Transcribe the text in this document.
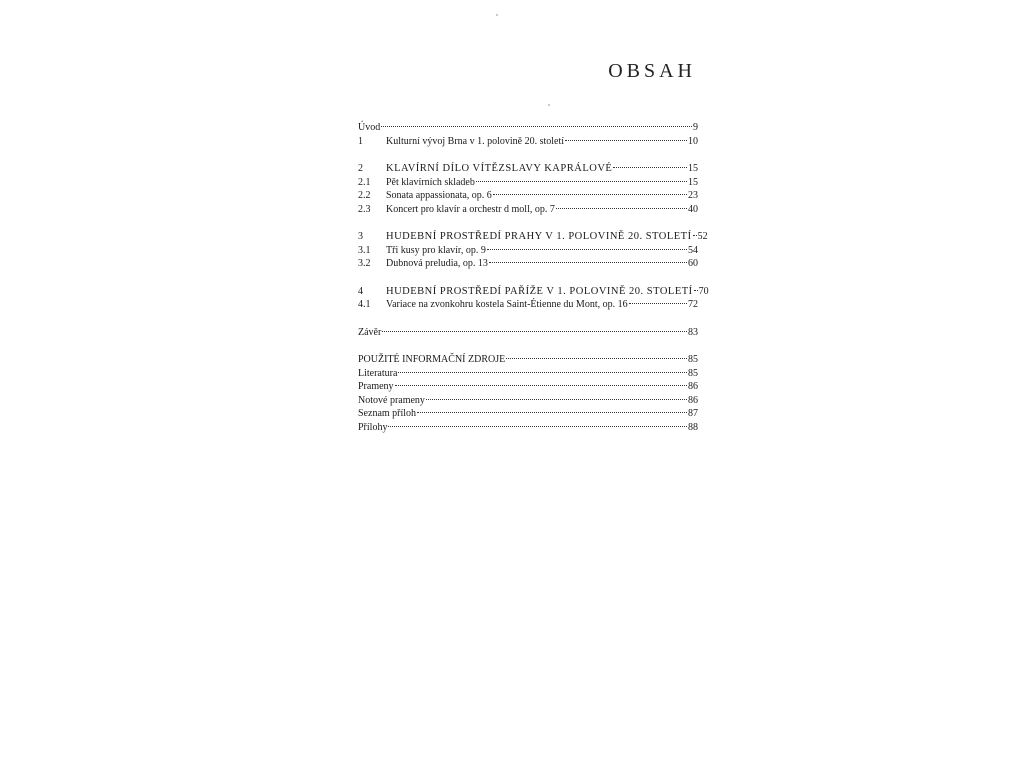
OBSAH
Úvod	9
1	Kulturní vývoj Brna v 1. polovině 20. století	10
2	KLAVÍRNÍ DÍLO VÍTĚZSLAVY KAPRÁLOVÉ	15
2.1	Pět klavírních skladeb	15
2.2	Sonata appassionata, op. 6	23
2.3	Koncert pro klavír a orchestr d moll, op. 7	40
3	HUDEBNÍ PROSTŘEDÍ PRAHY V 1. POLOVINĚ 20. STOLETÍ 52
3.1	Tři kusy pro klavír, op. 9	54
3.2	Dubnová preludia, op. 13	60
4	HUDEBNÍ PROSTŘEDÍ PAŘÍŽE V 1. POLOVINĚ 20. STOLETÍ 70
4.1	Variace na zvonkohru kostela Saint-Étienne du Mont, op. 16	72
Závěr	83
POUŽITÉ INFORMAČNÍ ZDROJE	85
Literatura	85
Prameny	86
Notové prameny	86
Seznam příloh	87
Přílohy	88
